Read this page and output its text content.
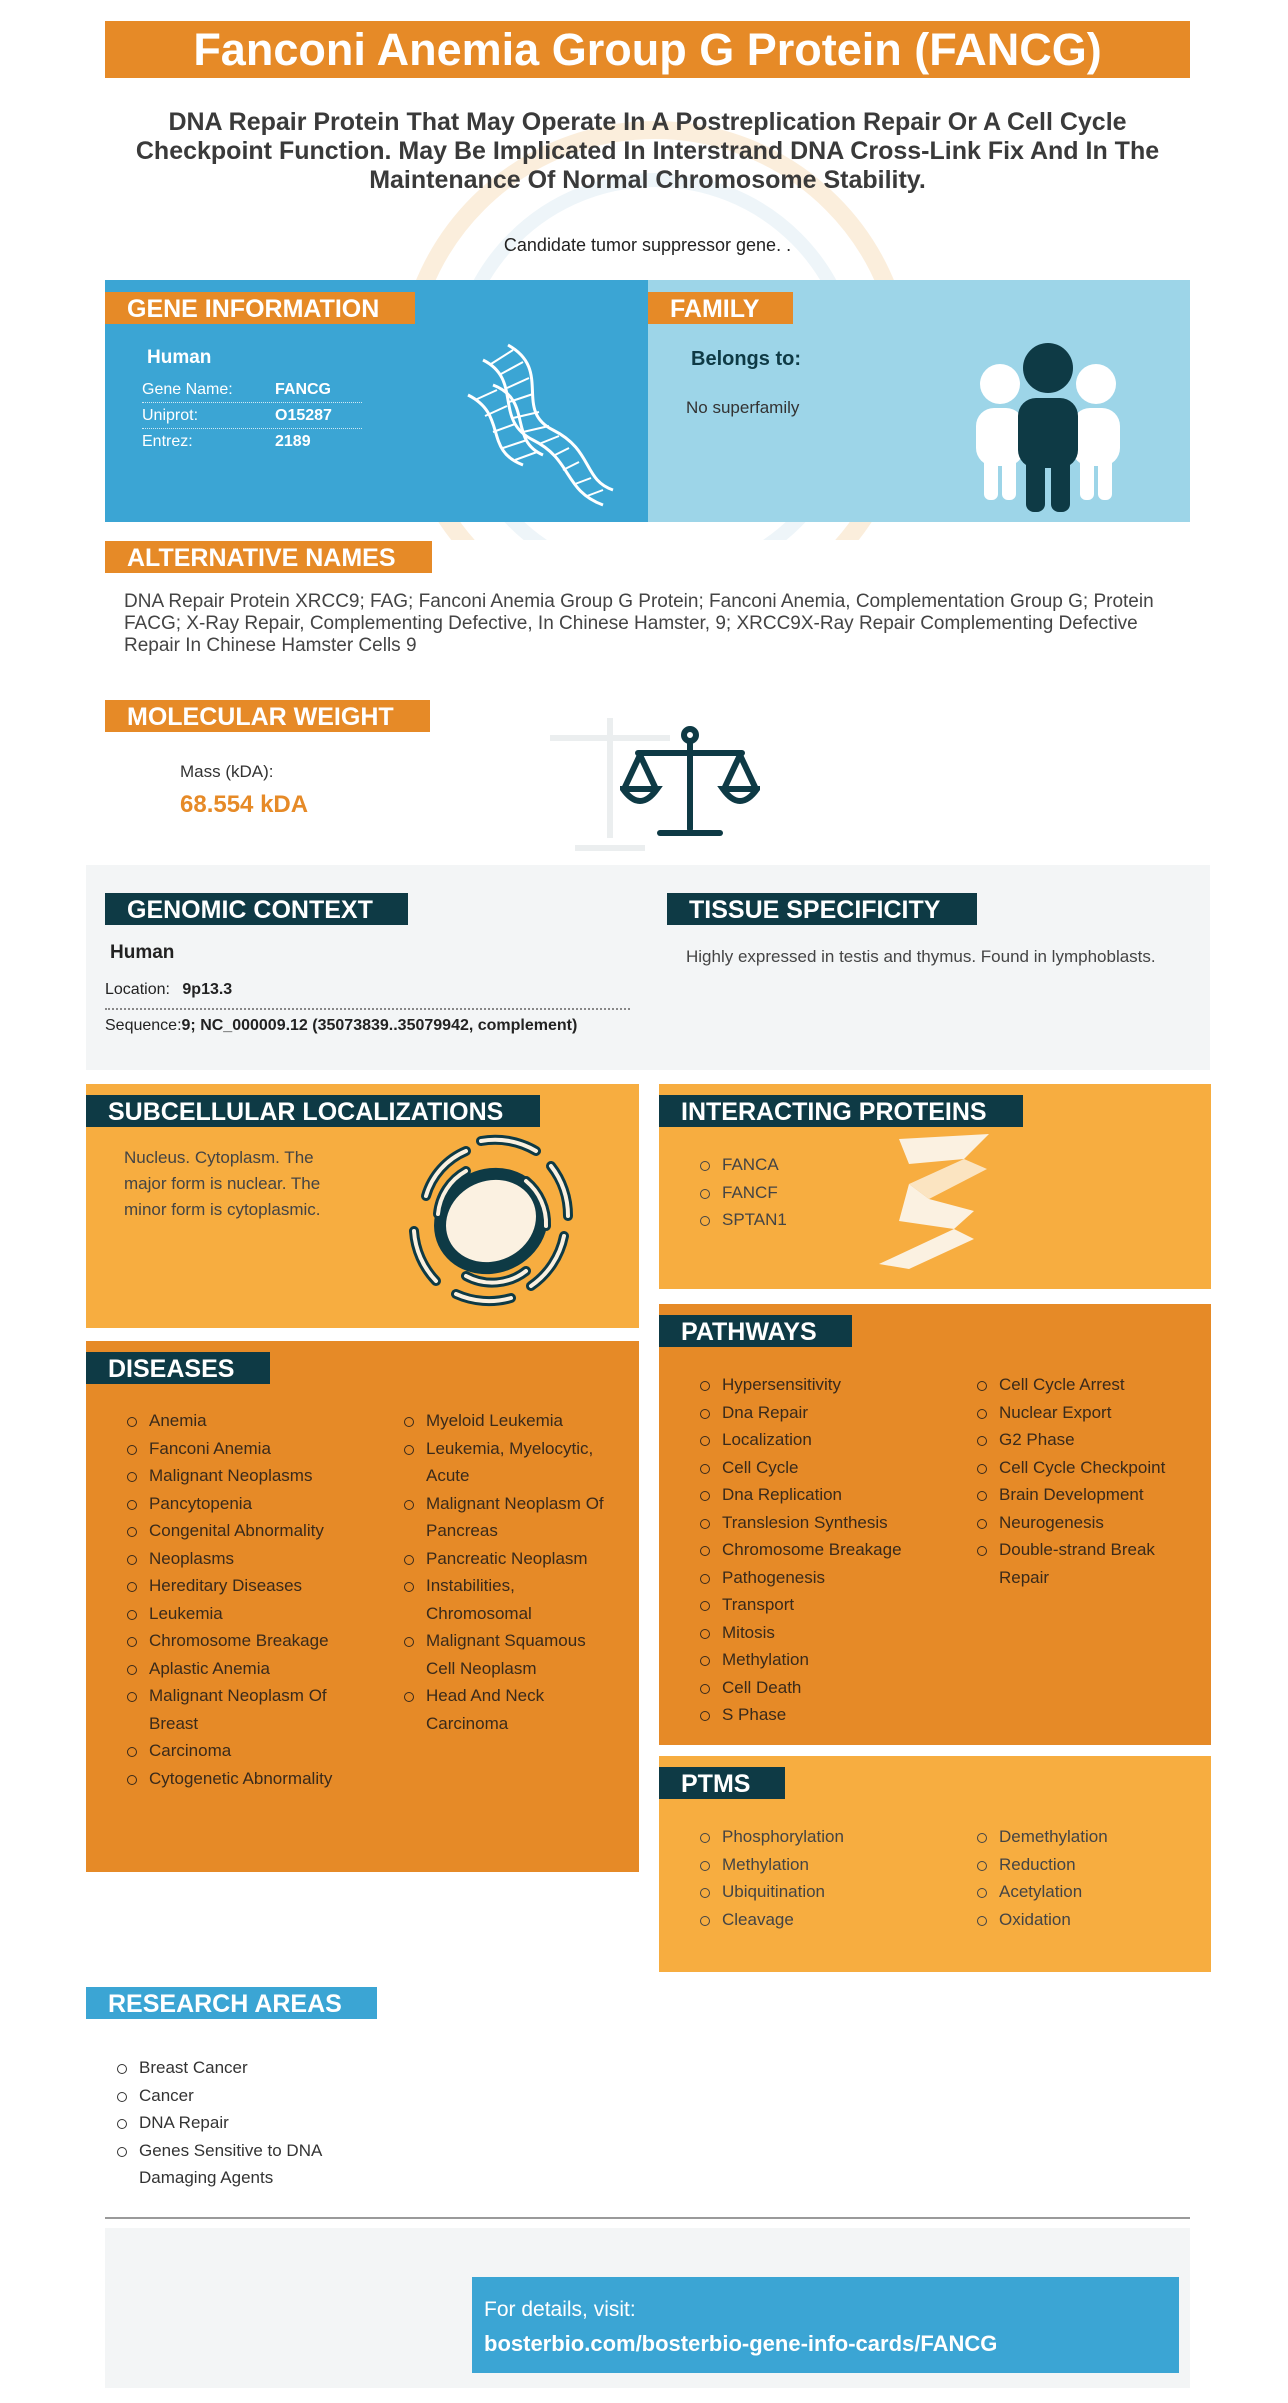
Fanconi Anemia Group G Protein (FANCG)
DNA Repair Protein That May Operate In A Postreplication Repair Or A Cell Cycle Checkpoint Function. May Be Implicated In Interstrand DNA Cross-Link Fix And In The Maintenance Of Normal Chromosome Stability.
Candidate tumor suppressor gene. .
GENE INFORMATION
Human
Gene Name:	FANCG
Uniprot:	O15287
Entrez:	2189
FAMILY
Belongs to:
No superfamily
ALTERNATIVE NAMES
DNA Repair Protein XRCC9; FAG; Fanconi Anemia Group G Protein; Fanconi Anemia, Complementation Group G; Protein FACG; X-Ray Repair, Complementing Defective, In Chinese Hamster, 9; XRCC9X-Ray Repair Complementing Defective Repair In Chinese Hamster Cells 9
MOLECULAR WEIGHT
Mass (kDA):
68.554 kDA
GENOMIC CONTEXT
Human
Location: 9p13.3
Sequence:9; NC_000009.12 (35073839..35079942, complement)
TISSUE SPECIFICITY
Highly expressed in testis and thymus. Found in lymphoblasts.
SUBCELLULAR LOCALIZATIONS
Nucleus. Cytoplasm. The major form is nuclear. The minor form is cytoplasmic.
INTERACTING PROTEINS
FANCA
FANCF
SPTAN1
PATHWAYS
Hypersensitivity
Dna Repair
Localization
Cell Cycle
Dna Replication
Translesion Synthesis
Chromosome Breakage
Pathogenesis
Transport
Mitosis
Methylation
Cell Death
S Phase
Cell Cycle Arrest
Nuclear Export
G2 Phase
Cell Cycle Checkpoint
Brain Development
Neurogenesis
Double-strand Break Repair
DISEASES
Anemia
Fanconi Anemia
Malignant Neoplasms
Pancytopenia
Congenital Abnormality
Neoplasms
Hereditary Diseases
Leukemia
Chromosome Breakage
Aplastic Anemia
Malignant Neoplasm Of Breast
Carcinoma
Cytogenetic Abnormality
Myeloid Leukemia
Leukemia, Myelocytic, Acute
Malignant Neoplasm Of Pancreas
Pancreatic Neoplasm
Instabilities, Chromosomal
Malignant Squamous Cell Neoplasm
Head And Neck Carcinoma
PTMS
Phosphorylation
Methylation
Ubiquitination
Cleavage
Demethylation
Reduction
Acetylation
Oxidation
RESEARCH AREAS
Breast Cancer
Cancer
DNA Repair
Genes Sensitive to DNA Damaging Agents
For details, visit:
bosterbio.com/bosterbio-gene-info-cards/FANCG
